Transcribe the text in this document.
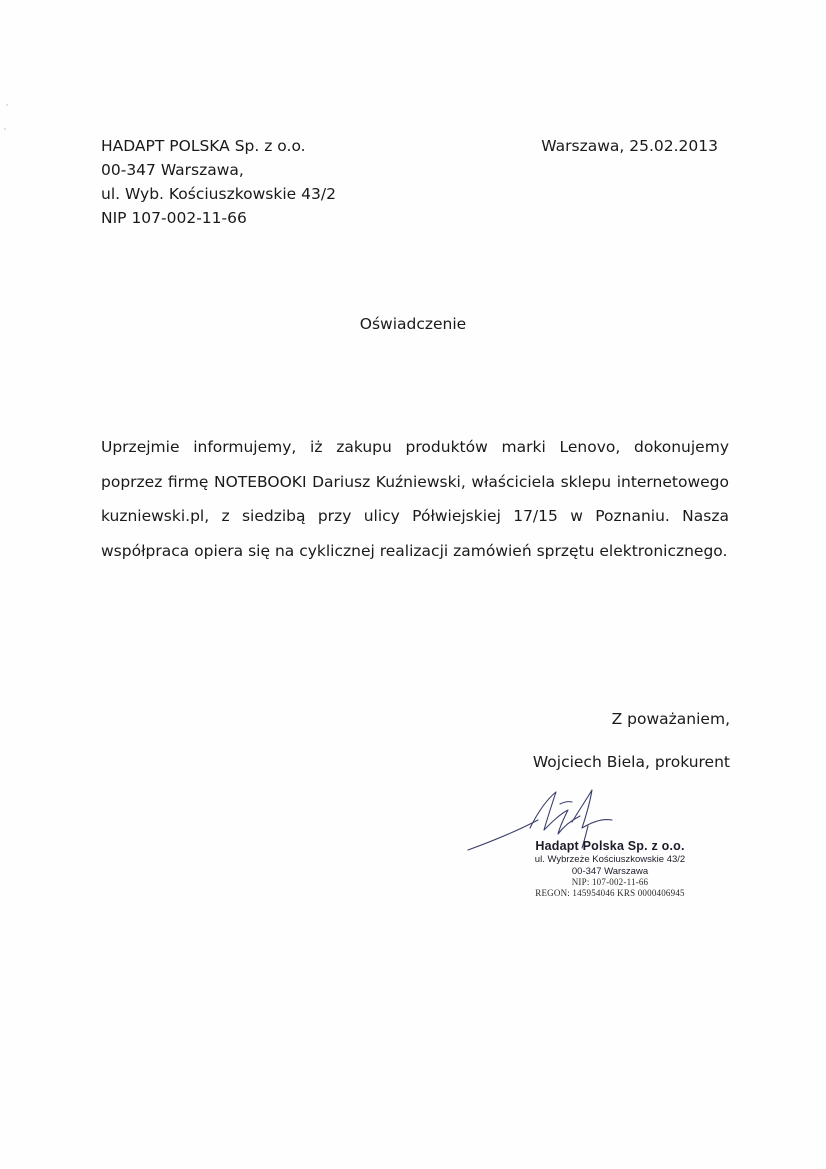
HADAPT POLSKA Sp. z o.o.
00-347 Warszawa,
ul. Wyb. Kościuszkowskie 43/2
NIP 107-002-11-66
Warszawa, 25.02.2013
Oświadczenie
Uprzejmie informujemy, iż zakupu produktów marki Lenovo, dokonujemy poprzez firmę NOTEBOOKI Dariusz Kuźniewski, właściciela sklepu internetowego kuzniewski.pl, z siedzibą przy ulicy Półwiejskiej 17/15 w Poznaniu. Nasza współpraca opiera się na cyklicznej realizacji zamówień sprzętu elektronicznego.
Z poważaniem,
Wojciech Biela, prokurent
Hadapt Polska Sp. z o.o.
ul. Wybrzeże Kościuszkowskie 43/2
00-347 Warszawa
NIP: 107-002-11-66
REGON: 145954046 KRS 0000406945
